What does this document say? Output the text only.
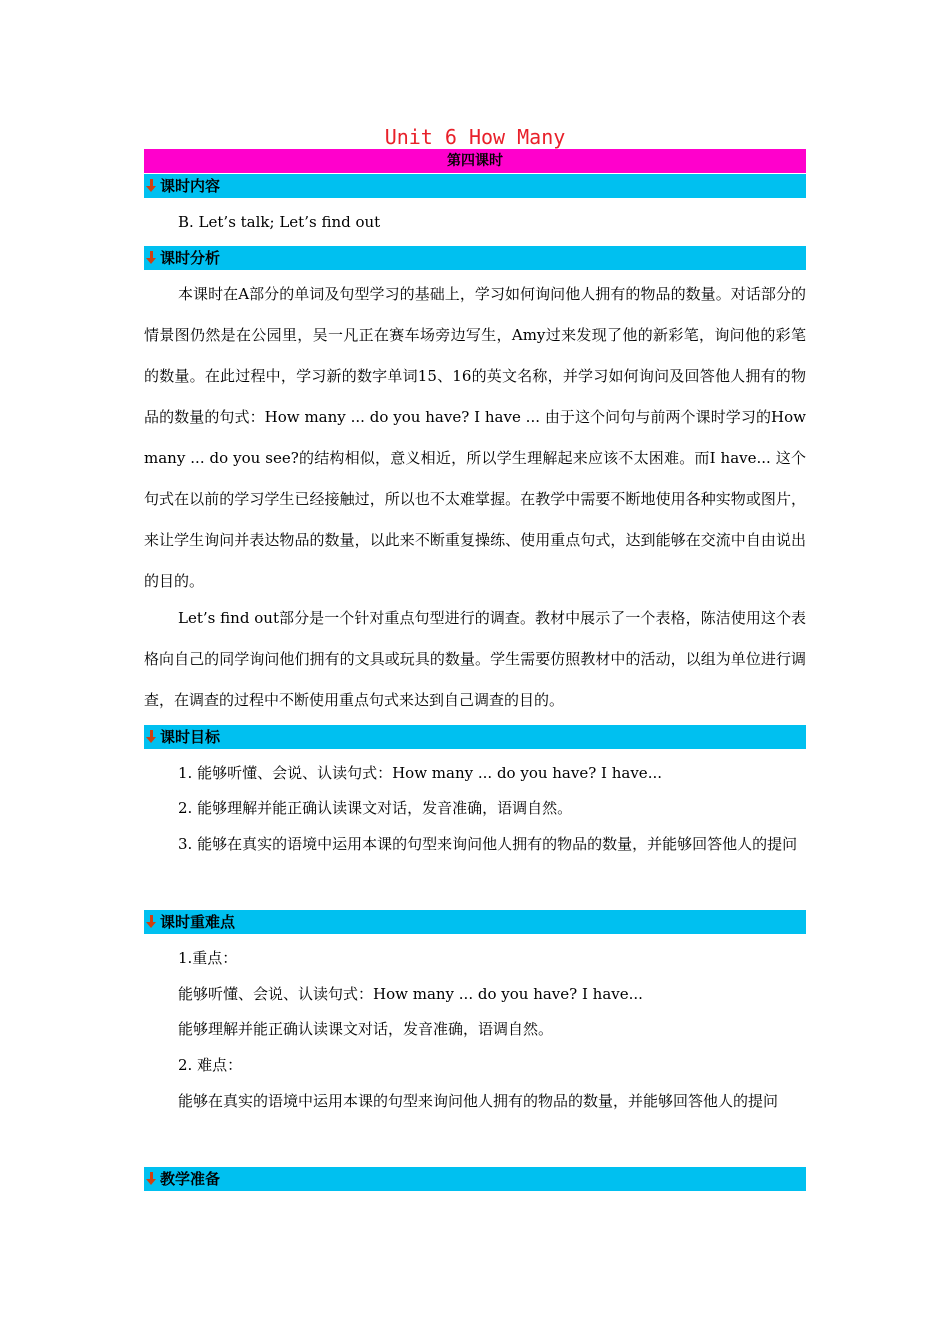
Unit 6 How Many
第四课时
课时内容
B. Let’s talk; Let’s find out
课时分析
本课时在A部分的单词及句型学习的基础上，学习如何询问他人拥有的物品的数量。对话部分的情景图仍然是在公园里，吴一凡正在赛车场旁边写生，Amy过来发现了他的新彩笔，询问他的彩笔的数量。在此过程中，学习新的数字单词15、16的英文名称，并学习如何询问及回答他人拥有的物品的数量的句式：How many ... do you have? I have ... 由于这个问句与前两个课时学习的How many ... do you see?的结构相似，意义相近，所以学生理解起来应该不太困难。而I have... 这个句式在以前的学习学生已经接触过，所以也不太难掌握。在教学中需要不断地使用各种实物或图片，来让学生询问并表达物品的数量，以此来不断重复操练、使用重点句式，达到能够在交流中自由说出的目的。
Let’s find out部分是一个针对重点句型进行的调查。教材中展示了一个表格，陈洁使用这个表格向自己的同学询问他们拥有的文具或玩具的数量。学生需要仿照教材中的活动，以组为单位进行调查，在调查的过程中不断使用重点句式来达到自己调查的目的。
课时目标
1. 能够听懂、会说、认读句式：How many ... do you have? I have...
2. 能够理解并能正确认读课文对话，发音准确，语调自然。
3. 能够在真实的语境中运用本课的句型来询问他人拥有的物品的数量，并能够回答他人的提问
课时重难点
1.重点：
能够听懂、会说、认读句式：How many ... do you have? I have...
能够理解并能正确认读课文对话，发音准确，语调自然。
2. 难点：
能够在真实的语境中运用本课的句型来询问他人拥有的物品的数量，并能够回答他人的提问
教学准备
